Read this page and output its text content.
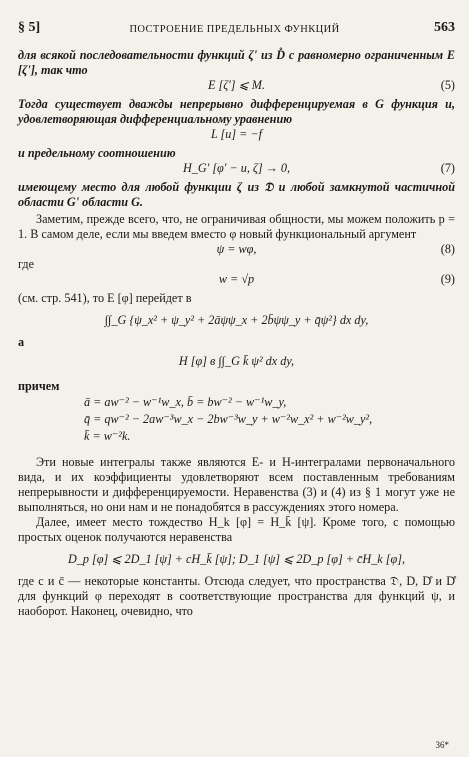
§ 5]	ПОСТРОЕНИЕ ПРЕДЕЛЬНЫХ ФУНКЦИЙ	563

для всякой последовательности функций ζ' из D̊ с равномерно ограниченным E [ζ'], так что

E [ζ'] ⩽ M.	(5)

Тогда существует дважды непрерывно дифференцируемая в G функция u, удовлетворяющая дифференциальному уравнению

L [u] = −f

и предельному соотношению

H_G' [φ' − u, ζ] → 0,	(7)

имеющему место для любой функции ζ из 𝔇 и любой замкнутой частичной области G' области G.

Заметим, прежде всего, что, не ограничивая общности, мы можем положить p = 1. В самом деле, если мы введем вместо φ новый функциональный аргумент

ψ = wφ,	(8)

где

w = √p	(9)

(см. стр. 541), то E [φ] перейдет в

∫∫_G {ψ_x² + ψ_y² + 2āψψ_x + 2b̄ψψ_y + q̄ψ²} dx dy,

а

H [φ] в ∫∫_G k̄ ψ² dx dy,

причем

ā = aw⁻² − w⁻¹w_x, b̄ = bw⁻² − w⁻¹w_y,
q̄ = qw⁻² − 2aw⁻³w_x − 2bw⁻³w_y + w⁻²w_x² + w⁻²w_y²,
k̄ = w⁻²k.

Эти новые интегралы также являются E- и H-интегралами первоначального вида, и их коэффициенты удовлетворяют всем поставленным требованиям непрерывности и дифференцируемости. Неравенства (3) и (4) из § 1 могут уже не выполняться, но они нам и не понадобятся в рассуждениях этого номера.

Далее, имеет место тождество H_k [φ] = H_k̄ [ψ]. Кроме того, с помощью простых оценок получаются неравенства

D_p [φ] ⩽ 2D_1 [ψ] + cH_k̄ [ψ]; D_1 [ψ] ⩽ 2D_p [φ] + c̄H_k [φ],

где c и c̄ — некоторые константы. Отсюда следует, что пространства 𝔇, D, D̊ и D̊ для функций φ переходят в соответствующие пространства для функций ψ, и наоборот. Наконец, очевидно, что

36*
